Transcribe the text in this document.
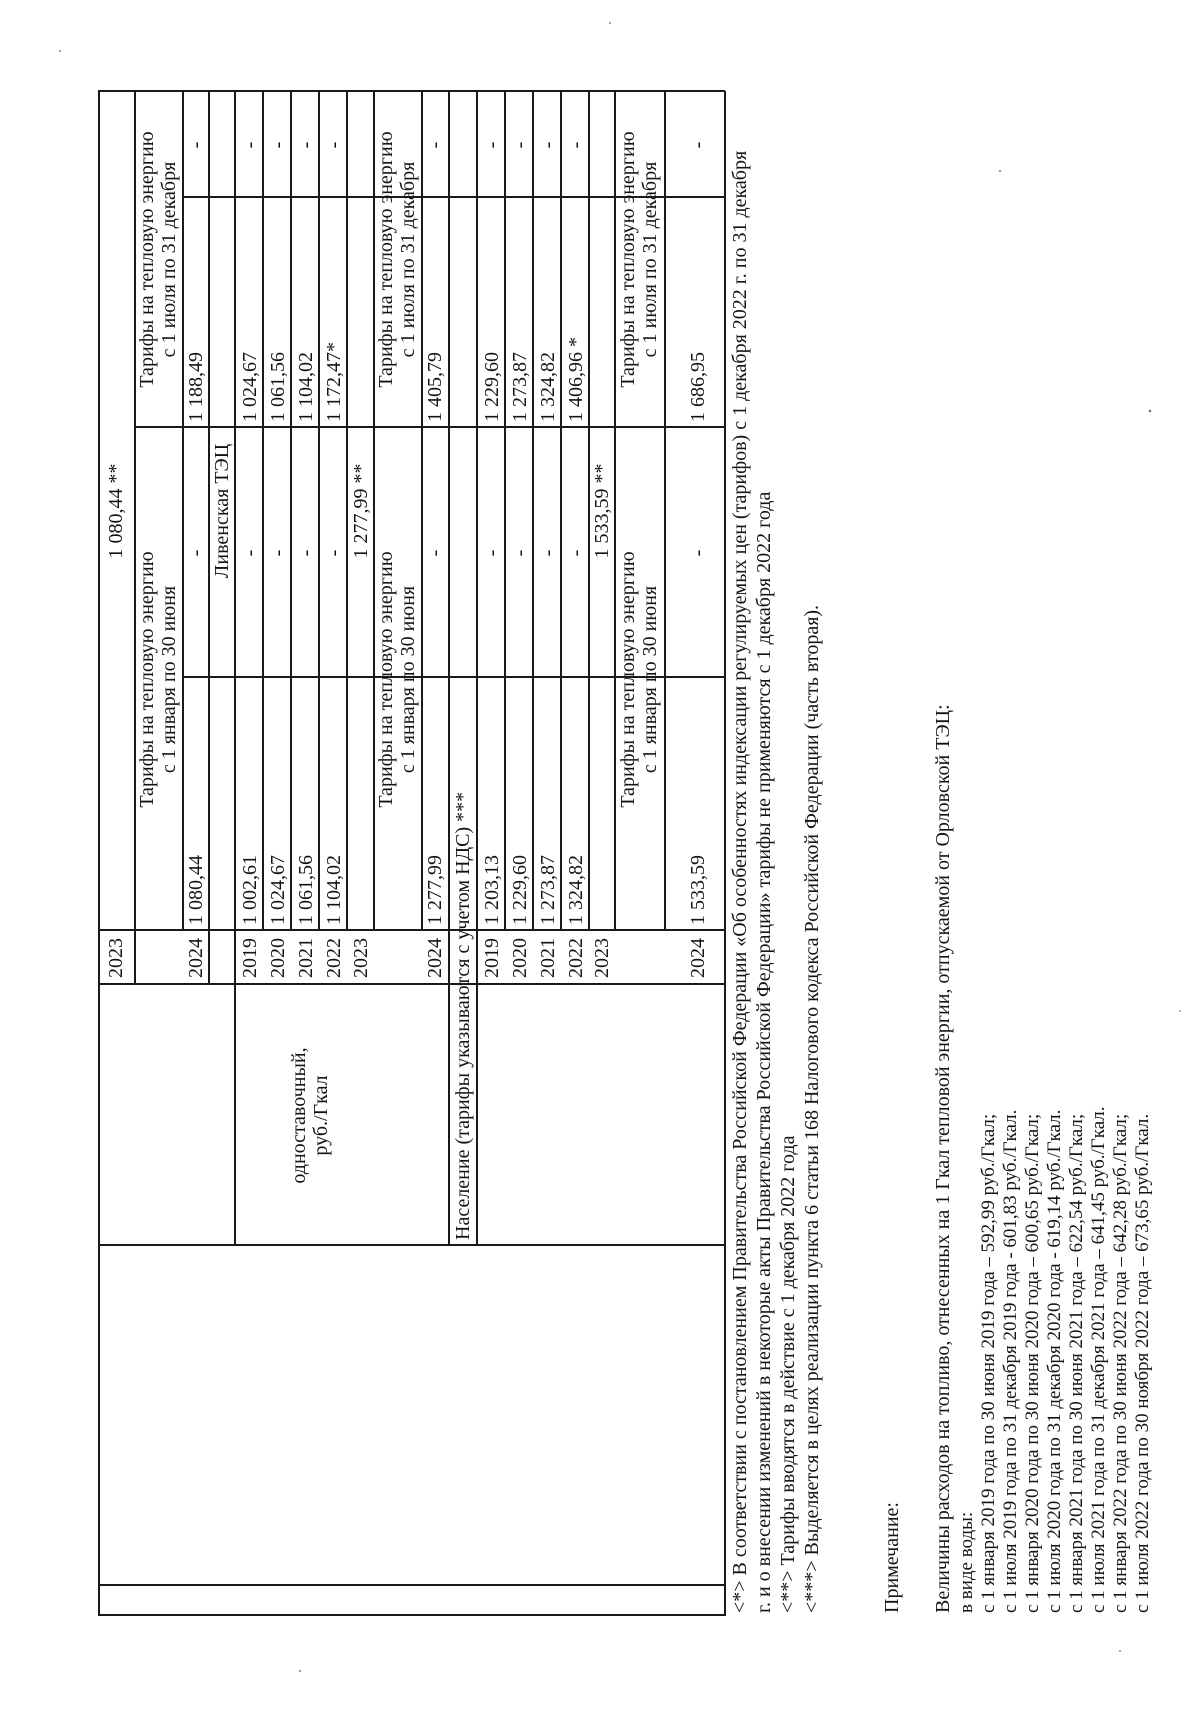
2023
1 080,44 **
Тарифы на тепловую энергию с 1 января по 30 июня
Тарифы на тепловую энергию с 1 июля по 31 декабря
2024
1 080,44
-
1 188,49
-
Ливенская ТЭЦ
одноставочный, руб./Гкал
2019
1 002,61
-
1 024,67
-
2020
1 024,67
-
1 061,56
-
2021
1 061,56
-
1 104,02
-
2022
1 104,02
-
1 172,47*
-
2023
1 277,99 **
Тарифы на тепловую энергию с 1 января по 30 июня
Тарифы на тепловую энергию с 1 июля по 31 декабря
2024
1 277,99
-
1 405,79
-
Население (тарифы указываются с учетом НДС) *** 2019
1 203,13
-
1 229,60
-
2020
1 229,60
-
1 273,87
-
2021
1 273,87
-
1 324,82
-
2022
1 324,82
-
1 406,96 *
-
2023
1 533,59 **
Тарифы на тепловую энергию с 1 января по 30 июня
Тарифы на тепловую энергию с 1 июля по 31 декабря
2024
1 533,59
-
1 686,95
-
<*> В соответствии с постановлением Правительства Российской Федерации «Об особенностях индексации регулируемых цен (тарифов) с 1 декабря 2022 г. по 31 декабря г. и о внесении изменений в некоторые акты Правительства Российской Федерации» тарифы не применяются с 1 декабря 2022 года <**> Тарифы вводятся в действие с 1 декабря 2022 года <***> Выделяется в целях реализации пункта 6 статьи 168 Налогового кодекса Российской Федерации (часть вторая).	Примечание: Величины расходов на топливо, отнесенных на 1 Гкал тепловой энергии, отпускаемой от Орловской ТЭЦ: в виде воды: с 1 января 2019 года по 30 июня 2019 года – 592,99 руб./Гкал; с 1 июля 2019 года по 31 декабря 2019 года - 601,83 руб./Гкал. с 1 января 2020 года по 30 июня 2020 года – 600,65 руб./Гкал; с 1 июля 2020 года по 31 декабря 2020 года - 619,14 руб./Гкал. с 1 января 2021 года по 30 июня 2021 года – 622,54 руб./Гкал; с 1 июля 2021 года по 31 декабря 2021 года – 641,45 руб./Гкал. с 1 января 2022 года по 30 июня 2022 года – 642,28 руб./Гкал; с 1 июля 2022 года по 30 ноября 2022 года – 673,65 руб./Гкал.
